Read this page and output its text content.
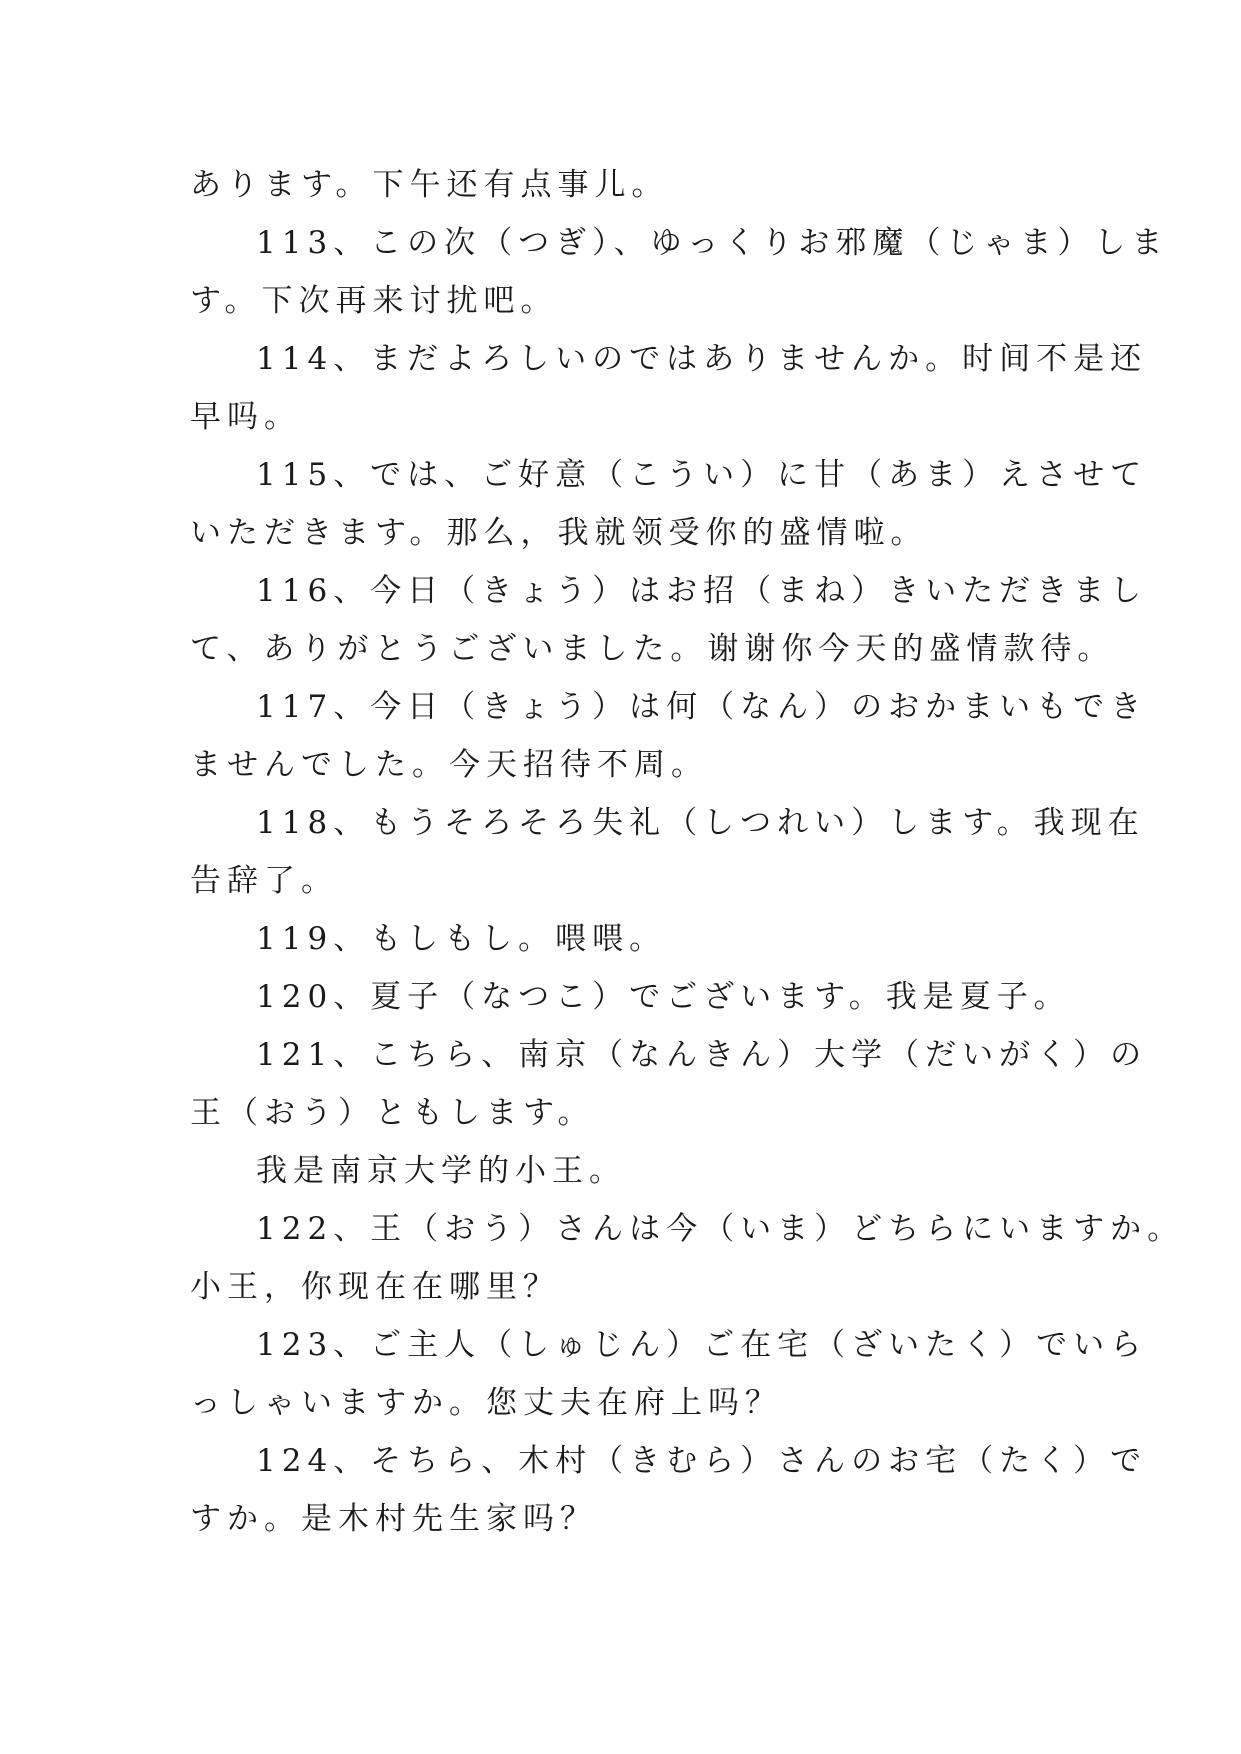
あります。下午还有点事儿。
113、この次（つぎ）、ゆっくりお邪魔（じゃま）しま
す。下次再来讨扰吧。
114、まだよろしいのではありませんか。时间不是还
早吗。
115、では、ご好意（こうい）に甘（あま）えさせて
いただきます。那么，我就领受你的盛情啦。
116、今日（きょう）はお招（まね）きいただきまし
て、ありがとうございました。谢谢你今天的盛情款待。
117、今日（きょう）は何（なん）のおかまいもでき
ませんでした。今天招待不周。
118、もうそろそろ失礼（しつれい）します。我现在
告辞了。
119、もしもし。喂喂。
120、夏子（なつこ）でございます。我是夏子。
121、こちら、南京（なんきん）大学（だいがく）の
王（おう）ともします。
我是南京大学的小王。
122、王（おう）さんは今（いま）どちらにいますか。
小王，你现在在哪里？
123、ご主人（しゅじん）ご在宅（ざいたく）でいら
っしゃいますか。您丈夫在府上吗？
124、そちら、木村（きむら）さんのお宅（たく）で
すか。是木村先生家吗？
